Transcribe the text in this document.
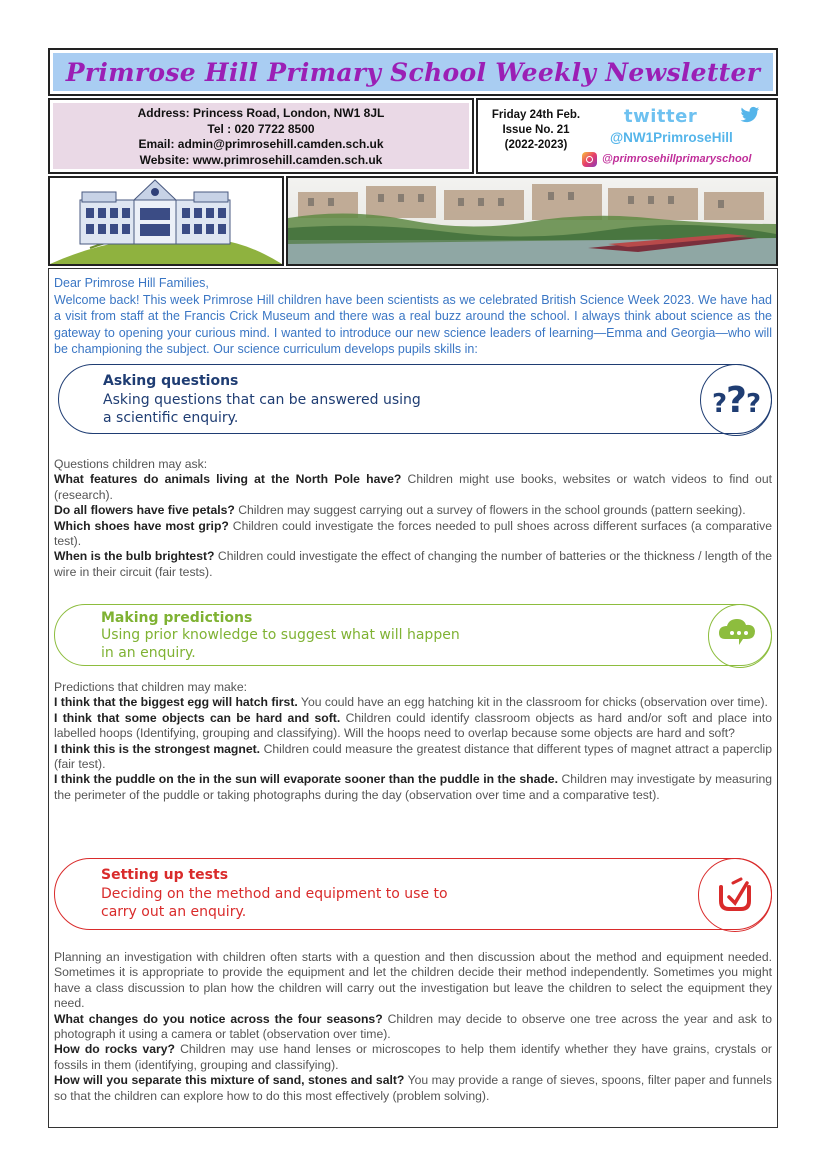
Primrose Hill Primary School Weekly Newsletter
Address: Princess Road, London, NW1 8JL
Tel : 020 7722 8500
Email: admin@primrosehill.camden.sch.uk
Website: www.primrosehill.camden.sch.uk
Friday 24th Feb.
Issue No. 21
(2022-2023)
twitter
@NW1PrimroseHill
@primrosehillprimaryschool
Dear Primrose Hill Families,
Welcome back! This week Primrose Hill children have been scientists as we celebrated British Science Week 2023. We have had a visit from staff at the Francis Crick Museum and there was a real buzz around the school. I always think about science as the gateway to opening your curious mind. I wanted to introduce our new science leaders of learning—Emma and Georgia—who will be championing the subject. Our science curriculum develops pupils skills in:
Asking questions
Asking questions that can be answered using
a scientific enquiry.	???

Questions children may ask:

What features do animals living at the North Pole have? Children might use books, websites or watch videos to find out (research).

Do all flowers have five petals? Children may suggest carrying out a survey of flowers in the school grounds (pattern seeking).

Which shoes have most grip? Children could investigate the forces needed to pull shoes across different surfaces (a comparative test).

When is the bulb brightest? Children could investigate the effect of changing the number of batteries or the thickness / length of the wire in their circuit (fair tests).

Making predictions
Using prior knowledge to suggest what will happen
in an enquiry.

Predictions that children may make:

I think that the biggest egg will hatch first. You could have an egg hatching kit in the classroom for chicks (observation over time).

I think that some objects can be hard and soft. Children could identify classroom objects as hard and/or soft and place into labelled hoops (Identifying, grouping and classifying). Will the hoops need to overlap because some objects are hard and soft?

I think this is the strongest magnet. Children could measure the greatest distance that different types of magnet attract a paperclip (fair test).

I think the puddle on the in the sun will evaporate sooner than the puddle in the shade. Children may investigate by measuring the perimeter of the puddle or taking photographs during the day (observation over time and a comparative test).

Setting up tests
Deciding on the method and equipment to use to
carry out an enquiry.

Planning an investigation with children often starts with a question and then discussion about the method and equipment needed. Sometimes it is appropriate to provide the equipment and let the children decide their method independently. Sometimes you might have a class discussion to plan how the children will carry out the investigation but leave the children to select the equipment they need.

What changes do you notice across the four seasons? Children may decide to observe one tree across the year and ask to photograph it using a camera or tablet (observation over time).

How do rocks vary? Children may use hand lenses or microscopes to help them identify whether they have grains, crystals or fossils in them (identifying, grouping and classifying).

How will you separate this mixture of sand, stones and salt? You may provide a range of sieves, spoons, filter paper and funnels so that the children can explore how to do this most effectively (problem solving).
